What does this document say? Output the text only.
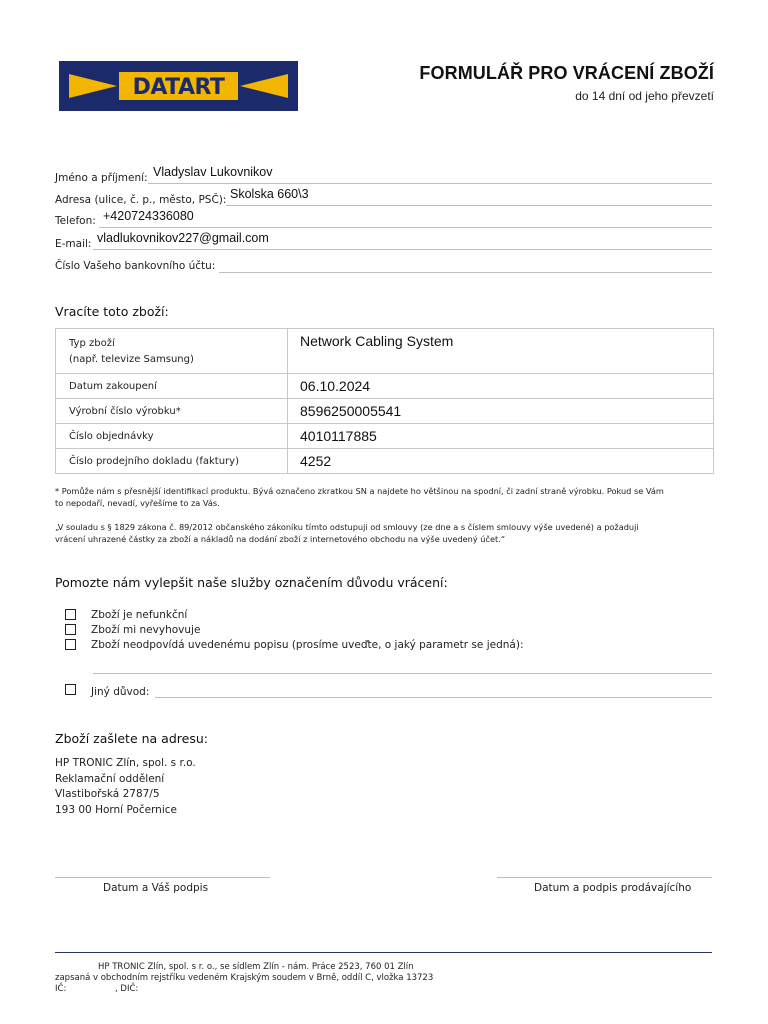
DATART
FORMULÁŘ PRO VRÁCENÍ ZBOŽÍ
do 14 dní od jeho převzetí
Jméno a příjmení: Vladyslav Lukovnikov
Adresa (ulice, č. p., město, PSČ): Skolska 660\3
Telefon: +420724336080
E-mail: vladlukovnikov227@gmail.com
Číslo Vašeho bankovního účtu:
Vracíte toto zboží:
Typ zboží
(např. televize Samsung)	Network Cabling System
Datum zakoupení	06.10.2024
Výrobní číslo výrobku*	8596250005541
Číslo objednávky	4010117885
Číslo prodejního dokladu (faktury)	4252
* Pomůže nám s přesnější identifikací produktu. Bývá označeno zkratkou SN a najdete ho většinou na spodní, či zadní straně výrobku. Pokud se Vám
to nepodaří, nevadí, vyřešíme to za Vás.
„V souladu s § 1829 zákona č. 89/2012 občanského zákoníku tímto odstupuji od smlouvy (ze dne a s číslem smlouvy výše uvedené) a požaduji
vrácení uhrazené částky za zboží a nákladů na dodání zboží z internetového obchodu na výše uvedený účet.“
Pomozte nám vylepšit naše služby označením důvodu vrácení:
Zboží je nefunkční
Zboží mi nevyhovuje
Zboží neodpovídá uvedenému popisu (prosíme uveďte, o jaký parametr se jedná):
Jiný důvod:
Zboží zašlete na adresu:
HP TRONIC Zlín, spol. s r.o.
Reklamační oddělení
Vlastibořská 2787/5
193 00 Horní Počernice
Datum a Váš podpis	Datum a podpis prodávajícího
HP TRONIC Zlín, spol. s r. o., se sídlem Zlín - nám. Práce 2523, 760 01 Zlín
zapsaná v obchodním rejstříku vedeném Krajským soudem v Brně, oddíl C, vložka 13723
IČ:	, DIČ:
